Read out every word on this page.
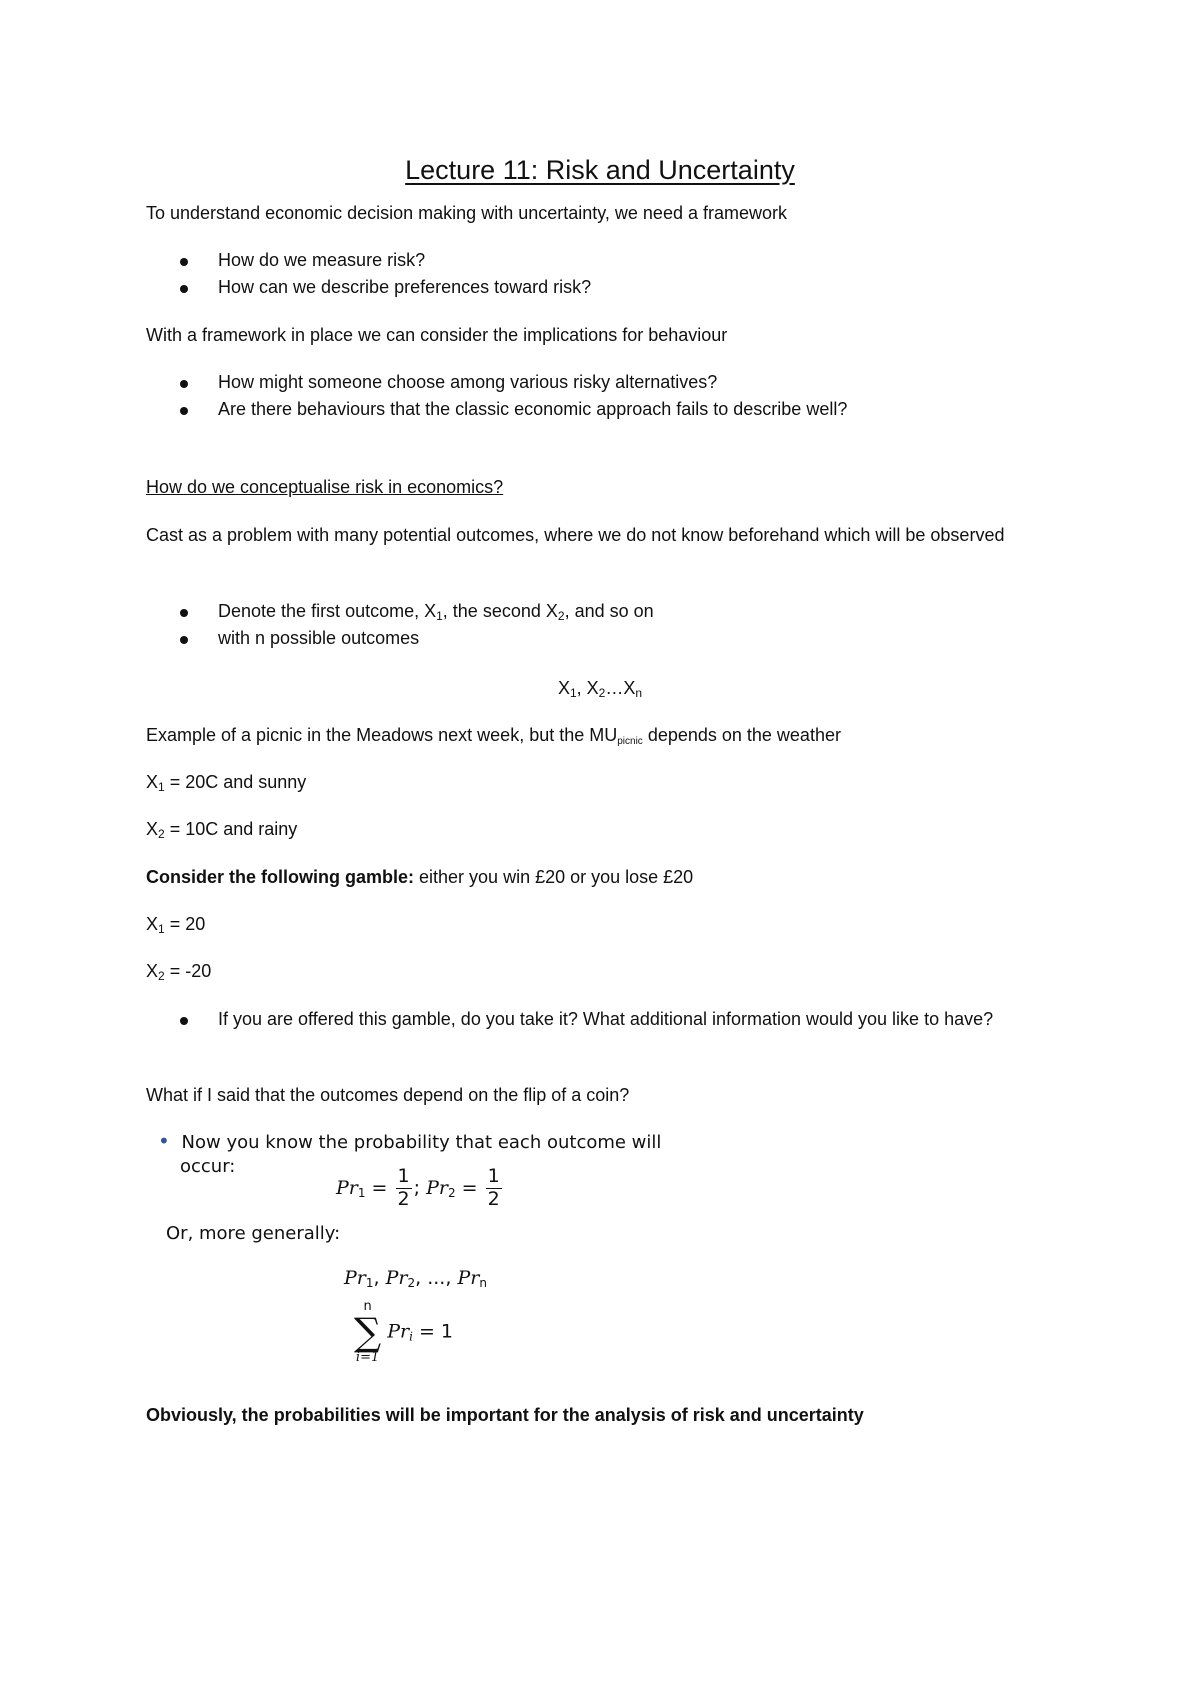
Lecture 11: Risk and Uncertainty
To understand economic decision making with uncertainty, we need a framework
How do we measure risk?
How can we describe preferences toward risk?
With a framework in place we can consider the implications for behaviour
How might someone choose among various risky alternatives?
Are there behaviours that the classic economic approach fails to describe well?
How do we conceptualise risk in economics?
Cast as a problem with many potential outcomes, where we do not know beforehand which will be observed
Denote the first outcome, $X_1$, the second $X_2$, and so on
with n possible outcomes
$X_1$, $X_2\dots X_n$
Example of a picnic in the Meadows next week, but the $MU_{picnic}$ depends on the weather
$X_1 = 20C$ and sunny
$X_2 = 10C$ and rainy
Consider the following gamble: either you win £20 or you lose £20
$X_1 = 20$
$X_2 = -20$
If you are offered this gamble, do you take it? What additional information would you like to have?
What if I said that the outcomes depend on the flip of a coin?
• Now you know the probability that each outcome will
occur:
$Pr_1 = \frac{1}{2}$ ; $Pr_2 = \frac{1}{2}$
Or, more generally:
$Pr_1$, $Pr_2$, ..., $Pr_n$
n
∑
i=1
$Pr_i = 1$
Obviously, the probabilities will be important for the analysis of risk and uncertainty
